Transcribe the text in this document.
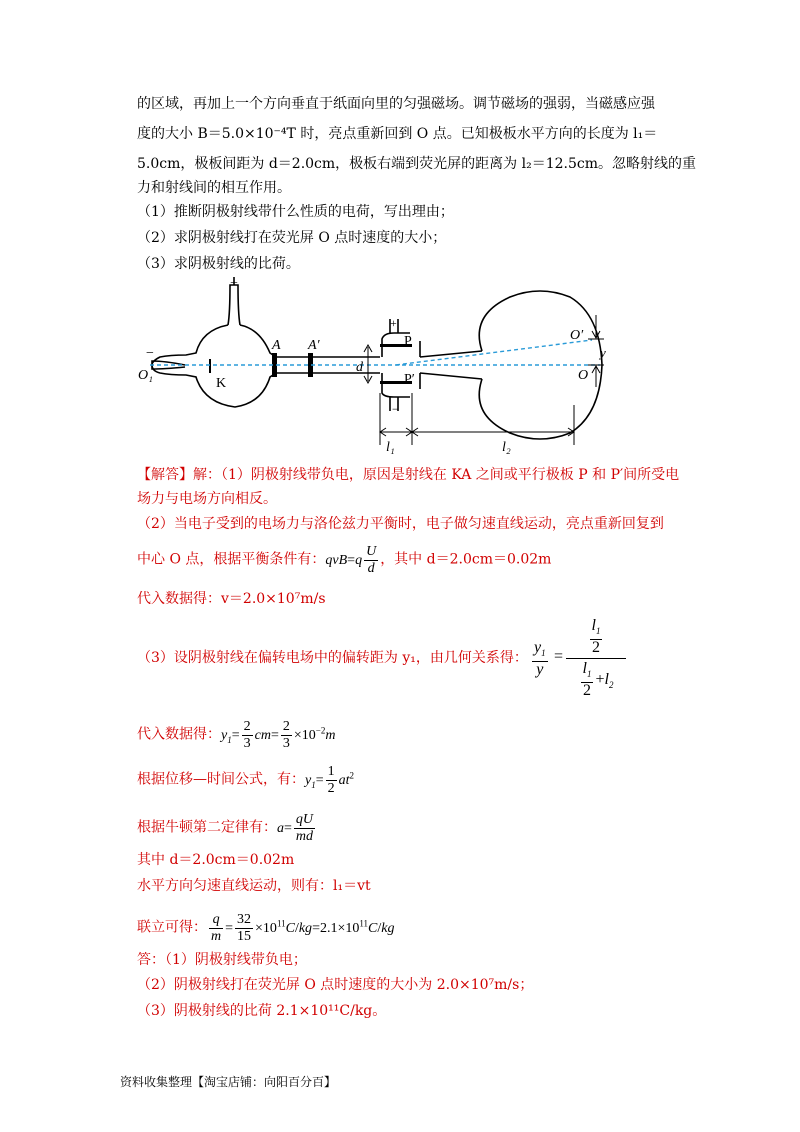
的区域，再加上一个方向垂直于纸面向里的匀强磁场。调节磁场的强弱，当磁感应强
度的大小 B＝5.0×10⁻⁴T 时，亮点重新回到 O 点。已知极板水平方向的长度为 l₁＝
5.0cm，极板间距为 d＝2.0cm，极板右端到荧光屏的距离为 l₂＝12.5cm。忽略射线的重
力和射线间的相互作用。
（1）推断阴极射线带什么性质的电荷，写出理由；
（2）求阴极射线打在荧光屏 O 点时速度的大小；
（3）求阴极射线的比荷。
+
−
O₁
K
A A′
+
P
P′
−
d
O′
O
y
l₁	l₂
【解答】解：（1）阴极射线带负电，原因是射线在 KA 之间或平行极板 P 和 P′间所受电
场力与电场方向相反。
（2）当电子受到的电场力与洛伦兹力平衡时，电子做匀速直线运动，亮点重新回复到
中心 O 点，根据平衡条件有：$qvB=q \frac{U}{d}$ ，其中 d＝2.0cm＝0.02m
代入数据得：v＝2.0×10⁷m/s
（3）设阴极射线在偏转电场中的偏转距为 y₁，由几何关系得： $\frac{y_1}{y}$ =
$\frac{l_1}{2}$
$\frac{l_1}{2} +l_2$
代入数据得：$y_1= \frac{2}{3} cm= \frac{2}{3} \times 10^{-2}m$
根据位移—时间公式，有：$y_1= \frac{1}{2} at^2$
根据牛顿第二定律有：$a= \frac{qU}{md}$
其中 d＝2.0cm＝0.02m
水平方向匀速直线运动，则有：l₁＝vt
联立可得： $\frac{q}{m} = \frac{32}{15} \times 10^{11}C/kg=2.1\times 10^{11}C/kg$
答：（1）阴极射线带负电；
（2）阴极射线打在荧光屏 O 点时速度的大小为 2.0×10⁷m/s；
（3）阴极射线的比荷 2.1×10¹¹C/kg。
资料收集整理【淘宝店铺：向阳百分百】
